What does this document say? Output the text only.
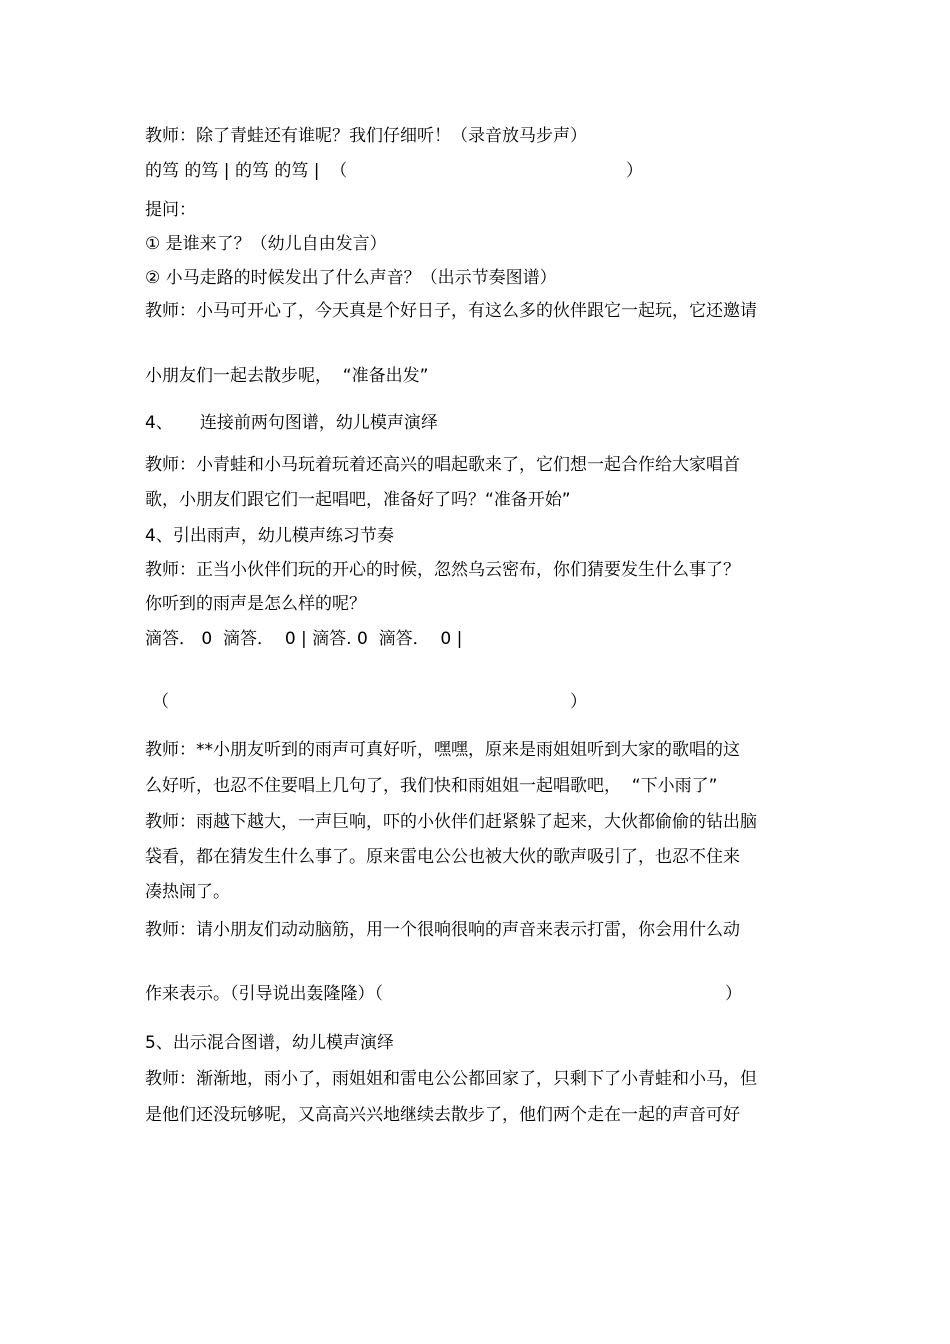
教师：除了青蛙还有谁呢？我们仔细听！（录音放马步声）
的笃 的笃 | 的笃 的笃 |  （	）
提问：
① 是谁来了？（幼儿自由发言）
② 小马走路的时候发出了什么声音？（出示节奏图谱）
教师：小马可开心了，今天真是个好日子，有这么多的伙伴跟它一起玩，它还邀请
小朋友们一起去散步呢，  “准备出发”
4、     连接前两句图谱，幼儿模声演绎
教师：小青蛙和小马玩着玩着还高兴的唱起歌来了，它们想一起合作给大家唱首
歌，小朋友们跟它们一起唱吧，准备好了吗？“准备开始”
4、引出雨声，幼儿模声练习节奏
教师：正当小伙伴们玩的开心的时候，忽然乌云密布，你们猜要发生什么事了？
你听到的雨声是怎么样的呢？
滴答． 0  滴答．  0 | 滴答. 0  滴答．  0 |
（	）
教师：**小朋友听到的雨声可真好听，嘿嘿，原来是雨姐姐听到大家的歌唱的这
么好听，也忍不住要唱上几句了，我们快和雨姐姐一起唱歌吧，  “下小雨了”
教师：雨越下越大，一声巨响，吓的小伙伴们赶紧躲了起来，大伙都偷偷的钻出脑
袋看，都在猜发生什么事了。原来雷电公公也被大伙的歌声吸引了，也忍不住来
凑热闹了。
教师：请小朋友们动动脑筋，用一个很响很响的声音来表示打雷，你会用什么动
作来表示。（引导说出轰隆隆）（	）
5、出示混合图谱，幼儿模声演绎
教师：渐渐地，雨小了，雨姐姐和雷电公公都回家了，只剩下了小青蛙和小马，但
是他们还没玩够呢，又高高兴兴地继续去散步了，他们两个走在一起的声音可好
